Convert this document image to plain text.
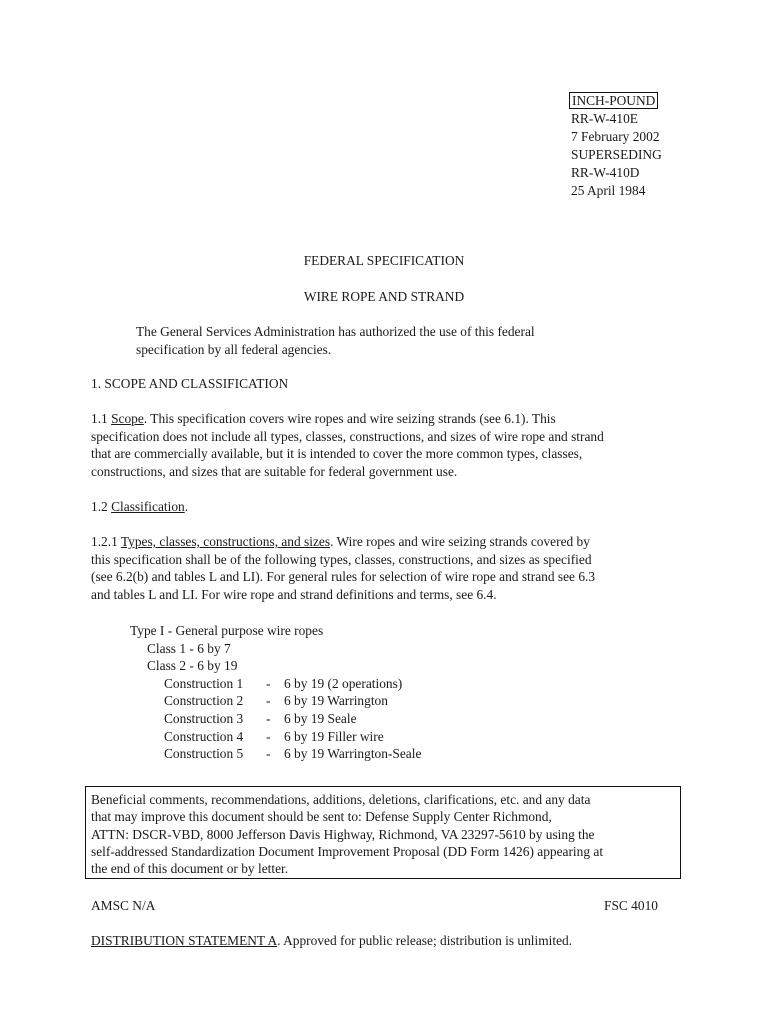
INCH-POUND
RR-W-410E
7 February 2002
SUPERSEDING
RR-W-410D
25 April 1984
FEDERAL SPECIFICATION
WIRE ROPE AND STRAND
The General Services Administration has authorized the use of this federal
specification by all federal agencies.
1. SCOPE AND CLASSIFICATION
1.1 Scope. This specification covers wire ropes and wire seizing strands (see 6.1). This
specification does not include all types, classes, constructions, and sizes of wire rope and strand
that are commercially available, but it is intended to cover the more common types, classes,
constructions, and sizes that are suitable for federal government use.
1.2 Classification.
1.2.1 Types, classes, constructions, and sizes. Wire ropes and wire seizing strands covered by
this specification shall be of the following types, classes, constructions, and sizes as specified
(see 6.2(b) and tables L and LI). For general rules for selection of wire rope and strand see 6.3
and tables L and LI. For wire rope and strand definitions and terms, see 6.4.
Type I - General purpose wire ropes
Class 1 - 6 by 7
Class 2 - 6 by 19
Construction 1 - 6 by 19 (2 operations)
Construction 2 - 6 by 19 Warrington
Construction 3 - 6 by 19 Seale
Construction 4 - 6 by 19 Filler wire
Construction 5 - 6 by 19 Warrington-Seale
Beneficial comments, recommendations, additions, deletions, clarifications, etc. and any data
that may improve this document should be sent to: Defense Supply Center Richmond,
ATTN: DSCR-VBD, 8000 Jefferson Davis Highway, Richmond, VA 23297-5610 by using the
self-addressed Standardization Document Improvement Proposal (DD Form 1426) appearing at
the end of this document or by letter.
AMSC N/A	FSC 4010
DISTRIBUTION STATEMENT A. Approved for public release; distribution is unlimited.
